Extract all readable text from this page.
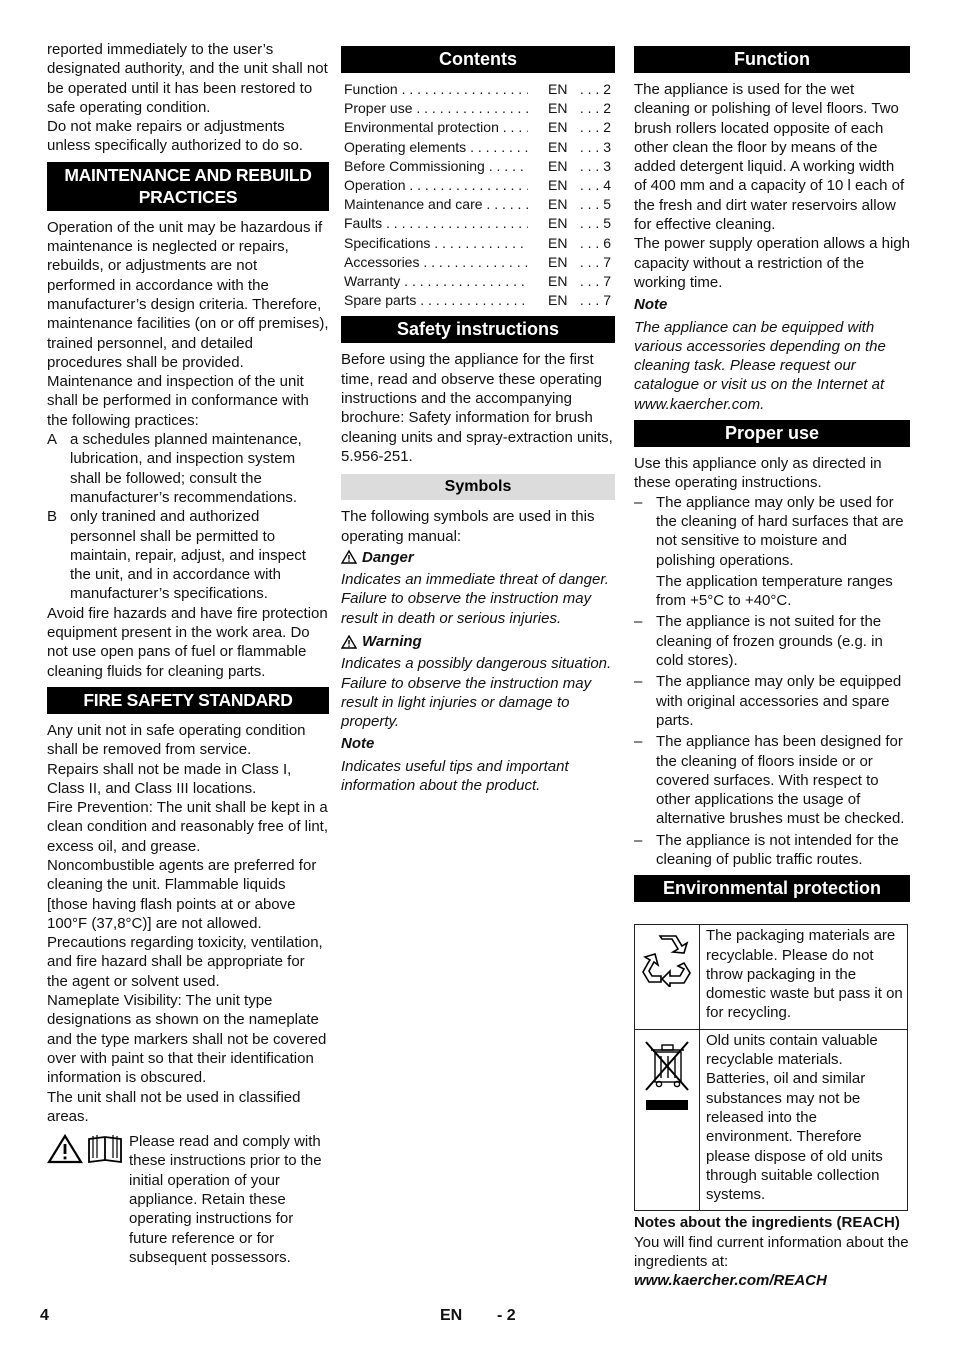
reported immediately to the user’s designated authority, and the unit shall not be operated until it has been restored to safe operating condition.

Do not make repairs or adjustments unless specifically authorized to do so.

MAINTENANCE AND REBUILD PRACTICES

Operation of the unit may be hazardous if maintenance is neglected or repairs, rebuilds, or adjustments are not performed in accordance with the manufacturer’s design criteria. Therefore, maintenance facilities (on or off premises), trained personnel, and detailed procedures shall be provided.

Maintenance and inspection of the unit shall be performed in conformance with the following practices:

A a schedules planned maintenance, lubrication, and inspection system shall be followed; consult the manufacturer’s recommendations.
B only tranined and authorized personnel shall be permitted to maintain, repair, adjust, and inspect the unit, and in accordance with manufacturer’s specifications.

Avoid fire hazards and have fire protection equipment present in the work area. Do not use open pans of fuel or flammable cleaning fluids for cleaning parts.

FIRE SAFETY STANDARD

Any unit not in safe operating condition shall be removed from service.

Repairs shall not be made in Class I, Class II, and Class III locations.

Fire Prevention: The unit shall be kept in a clean condition and reasonably free of lint, excess oil, and grease.

Noncombustible agents are preferred for cleaning the unit. Flammable liquids [those having flash points at or above 100°F (37,8°C)] are not allowed. Precautions regarding toxicity, ventilation, and fire hazard shall be appropriate for the agent or solvent used.

Nameplate Visibility: The unit type designations as shown on the nameplate and the type markers shall not be covered over with paint so that their identification information is obscured.

The unit shall not be used in classified areas.

Please read and comply with these instructions prior to the initial operation of your appliance. Retain these operating instructions for future reference or for subsequent possessors.

Contents
Function . . .	EN . . . 2
Proper use . . .	EN . . . 2
Environmental protection . . .	EN . . . 2
Operating elements . . .	EN . . . 3
Before Commissioning . . .	EN . . . 3
Operation . . .	EN . . . 4
Maintenance and care . . .	EN . . . 5
Faults . . .	EN . . . 5
Specifications . . .	EN . . . 6
Accessories . . .	EN . . . 7
Warranty . . .	EN . . . 7
Spare parts . . .	EN . . . 7
Safety instructions

Before using the appliance for the first time, read and observe these operating instructions and the accompanying brochure: Safety information for brush cleaning units and spray-extraction units, 5.956-251.

Symbols

The following symbols are used in this operating manual:

Danger

Indicates an immediate threat of danger. Failure to observe the instruction may result in death or serious injuries.

Warning

Indicates a possibly dangerous situation. Failure to observe the instruction may result in light injuries or damage to property.

Note

Indicates useful tips and important information about the product.

Function

The appliance is used for the wet cleaning or polishing of level floors. Two brush rollers located opposite of each other clean the floor by means of the added detergent liquid. A working width of 400 mm and a capacity of 10 l each of the fresh and dirt water reservoirs allow for effective cleaning.

The power supply operation allows a high capacity without a restriction of the working time.

Note

The appliance can be equipped with various accessories depending on the cleaning task. Please request our catalogue or visit us on the Internet at www.kaercher.com.

Proper use

Use this appliance only as directed in these operating instructions.

– The appliance may only be used for the cleaning of hard surfaces that are not sensitive to moisture and polishing operations.

The application temperature ranges from +5°C to +40°C.

– The appliance is not suited for the cleaning of frozen grounds (e.g. in cold stores).
– The appliance may only be equipped with original accessories and spare parts.
– The appliance has been designed for the cleaning of floors inside or or covered surfaces. With respect to other applications the usage of alternative brushes must be checked.
– The appliance is not intended for the cleaning of public traffic routes.
Environmental protection
	The packaging materials are recyclable. Please do not throw packaging in the domestic waste but pass it on for recycling.
	Old units contain valuable recyclable materials. Batteries, oil and similar substances may not be released into the environment. Therefore please dispose of old units through suitable collection systems.

Notes about the ingredients (REACH)

You will find current information about the ingredients at:

www.kaercher.com/REACH

4	EN - 2
